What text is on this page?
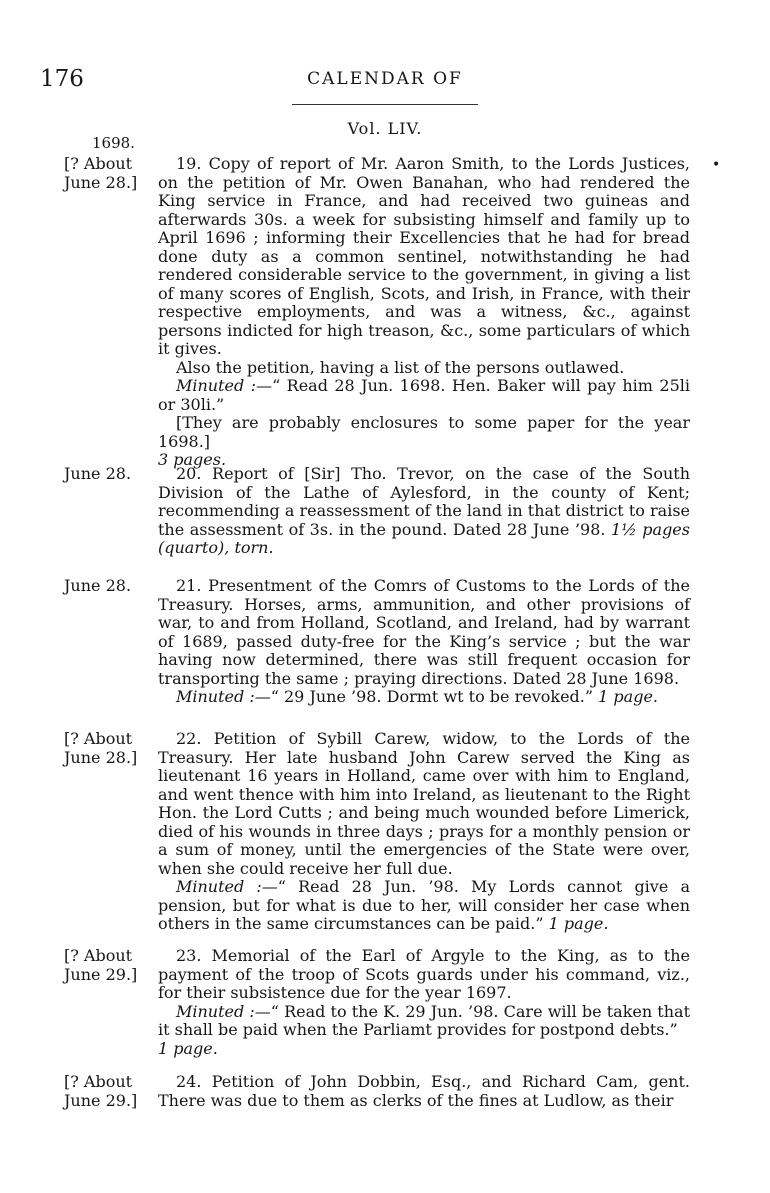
176	CALENDAR OF
Vol. LIV.
1698.
•
[? About
June 28.]

19. Copy of report of Mr. Aaron Smith, to the Lords Justices, on the petition of Mr. Owen Banahan, who had rendered the King service in France, and had received two guineas and afterwards 30s. a week for subsisting himself and family up to April 1696 ; informing their Excellencies that he had for bread done duty as a common sentinel, notwithstanding he had rendered considerable service to the government, in giving a list of many scores of English, Scots, and Irish, in France, with their respective employments, and was a witness, &c., against persons indicted for high treason, &c., some particulars of which it gives.

Also the petition, having a list of the persons outlawed.

Minuted :—“ Read 28 Jun. 1698. Hen. Baker will pay him 25li or 30li.”

[They are probably enclosures to some paper for the year 1698.]

3 pages.

June 28.	20. Report of [Sir] Tho. Trevor, on the case of the South Division of the Lathe of Aylesford, in the county of Kent; recommending a reassessment of the land in that district to raise the assessment of 3s. in the pound. Dated 28 June ’98. 1½ pages (quarto), torn.

June 28.	21. Presentment of the Comrs of Customs to the Lords of the Treasury. Horses, arms, ammunition, and other provisions of war, to and from Holland, Scotland, and Ireland, had by warrant of 1689, passed duty-free for the King’s service ; but the war having now determined, there was still frequent occasion for transporting the same ; praying directions. Dated 28 June 1698.

Minuted :—“ 29 June ’98. Dormt wt to be revoked.” 1 page.

[? About
June 28.]

22. Petition of Sybill Carew, widow, to the Lords of the Treasury. Her late husband John Carew served the King as lieutenant 16 years in Holland, came over with him to England, and went thence with him into Ireland, as lieutenant to the Right Hon. the Lord Cutts ; and being much wounded before Limerick, died of his wounds in three days ; prays for a monthly pension or a sum of money, until the emergencies of the State were over, when she could receive her full due.

Minuted :—“ Read 28 Jun. ’98. My Lords cannot give a pension, but for what is due to her, will consider her case when others in the same circumstances can be paid.” 1 page.

[? About
June 29.]

23. Memorial of the Earl of Argyle to the King, as to the payment of the troop of Scots guards under his command, viz., for their subsistence due for the year 1697.

Minuted :—“ Read to the K. 29 Jun. ’98. Care will be taken that it shall be paid when the Parliamt provides for postpond debts.”

1 page.

[? About
June 29.]

24. Petition of John Dobbin, Esq., and Richard Cam, gent. There was due to them as clerks of the fines at Ludlow, as their
